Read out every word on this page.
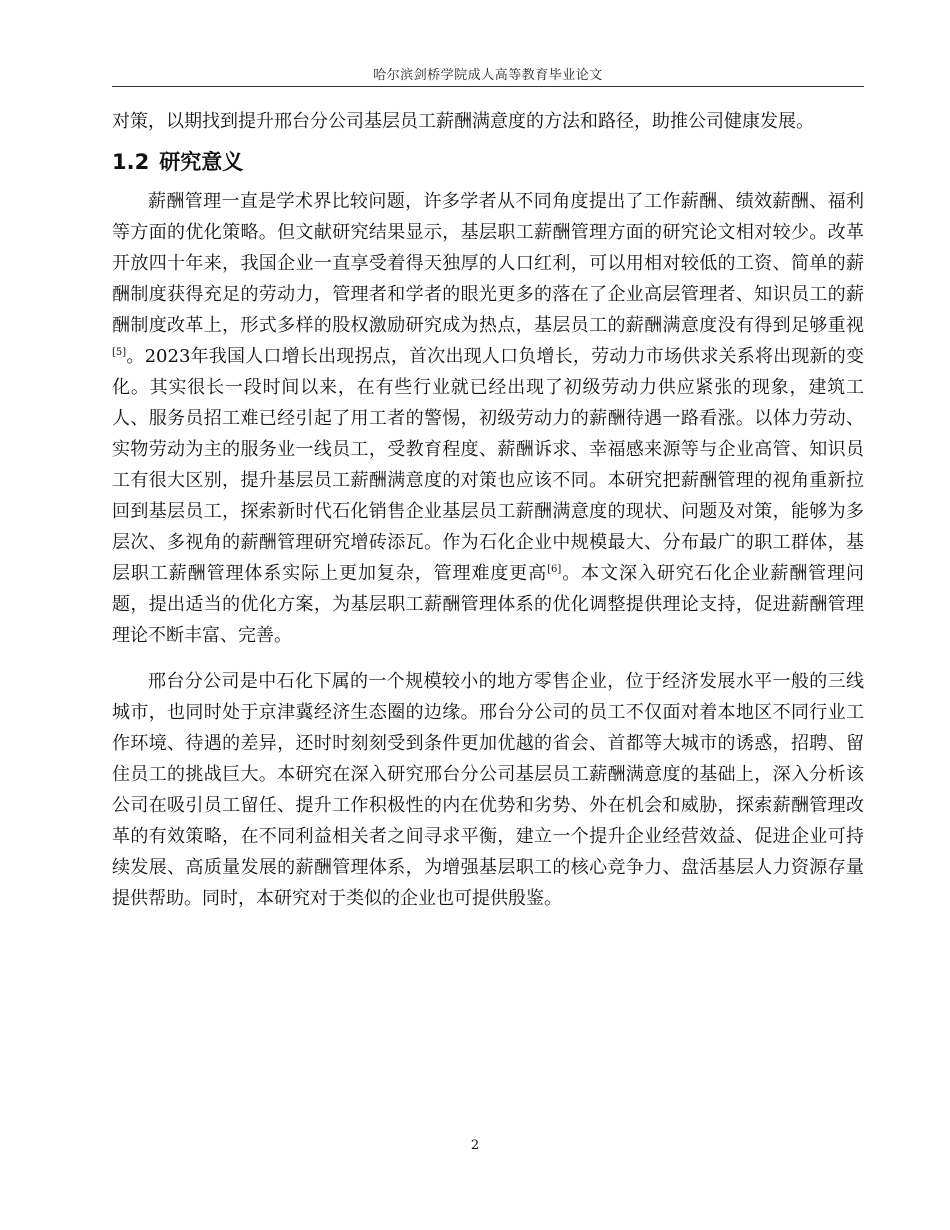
哈尔滨剑桥学院成人高等教育毕业论文

对策，以期找到提升邢台分公司基层员工薪酬满意度的方法和路径，助推公司健康发展。

1.2 研究意义

薪酬管理一直是学术界比较问题，许多学者从不同角度提出了工作薪酬、绩效薪酬、福利等方面的优化策略。但文献研究结果显示，基层职工薪酬管理方面的研究论文相对较少。改革开放四十年来，我国企业一直享受着得天独厚的人口红利，可以用相对较低的工资、简单的薪酬制度获得充足的劳动力，管理者和学者的眼光更多的落在了企业高层管理者、知识员工的薪酬制度改革上，形式多样的股权激励研究成为热点，基层员工的薪酬满意度没有得到足够重视[5]。2023年我国人口增长出现拐点，首次出现人口负增长，劳动力市场供求关系将出现新的变化。其实很长一段时间以来，在有些行业就已经出现了初级劳动力供应紧张的现象，建筑工人、服务员招工难已经引起了用工者的警惕，初级劳动力的薪酬待遇一路看涨。以体力劳动、实物劳动为主的服务业一线员工，受教育程度、薪酬诉求、幸福感来源等与企业高管、知识员工有很大区别，提升基层员工薪酬满意度的对策也应该不同。本研究把薪酬管理的视角重新拉回到基层员工，探索新时代石化销售企业基层员工薪酬满意度的现状、问题及对策，能够为多层次、多视角的薪酬管理研究增砖添瓦。作为石化企业中规模最大、分布最广的职工群体，基层职工薪酬管理体系实际上更加复杂，管理难度更高[6]。本文深入研究石化企业薪酬管理问题，提出适当的优化方案，为基层职工薪酬管理体系的优化调整提供理论支持，促进薪酬管理理论不断丰富、完善。

邢台分公司是中石化下属的一个规模较小的地方零售企业，位于经济发展水平一般的三线城市，也同时处于京津冀经济生态圈的边缘。邢台分公司的员工不仅面对着本地区不同行业工作环境、待遇的差异，还时时刻刻受到条件更加优越的省会、首都等大城市的诱惑，招聘、留住员工的挑战巨大。本研究在深入研究邢台分公司基层员工薪酬满意度的基础上，深入分析该公司在吸引员工留任、提升工作积极性的内在优势和劣势、外在机会和威胁，探索薪酬管理改革的有效策略，在不同利益相关者之间寻求平衡，建立一个提升企业经营效益、促进企业可持续发展、高质量发展的薪酬管理体系，为增强基层职工的核心竞争力、盘活基层人力资源存量提供帮助。同时，本研究对于类似的企业也可提供殷鉴。

2
